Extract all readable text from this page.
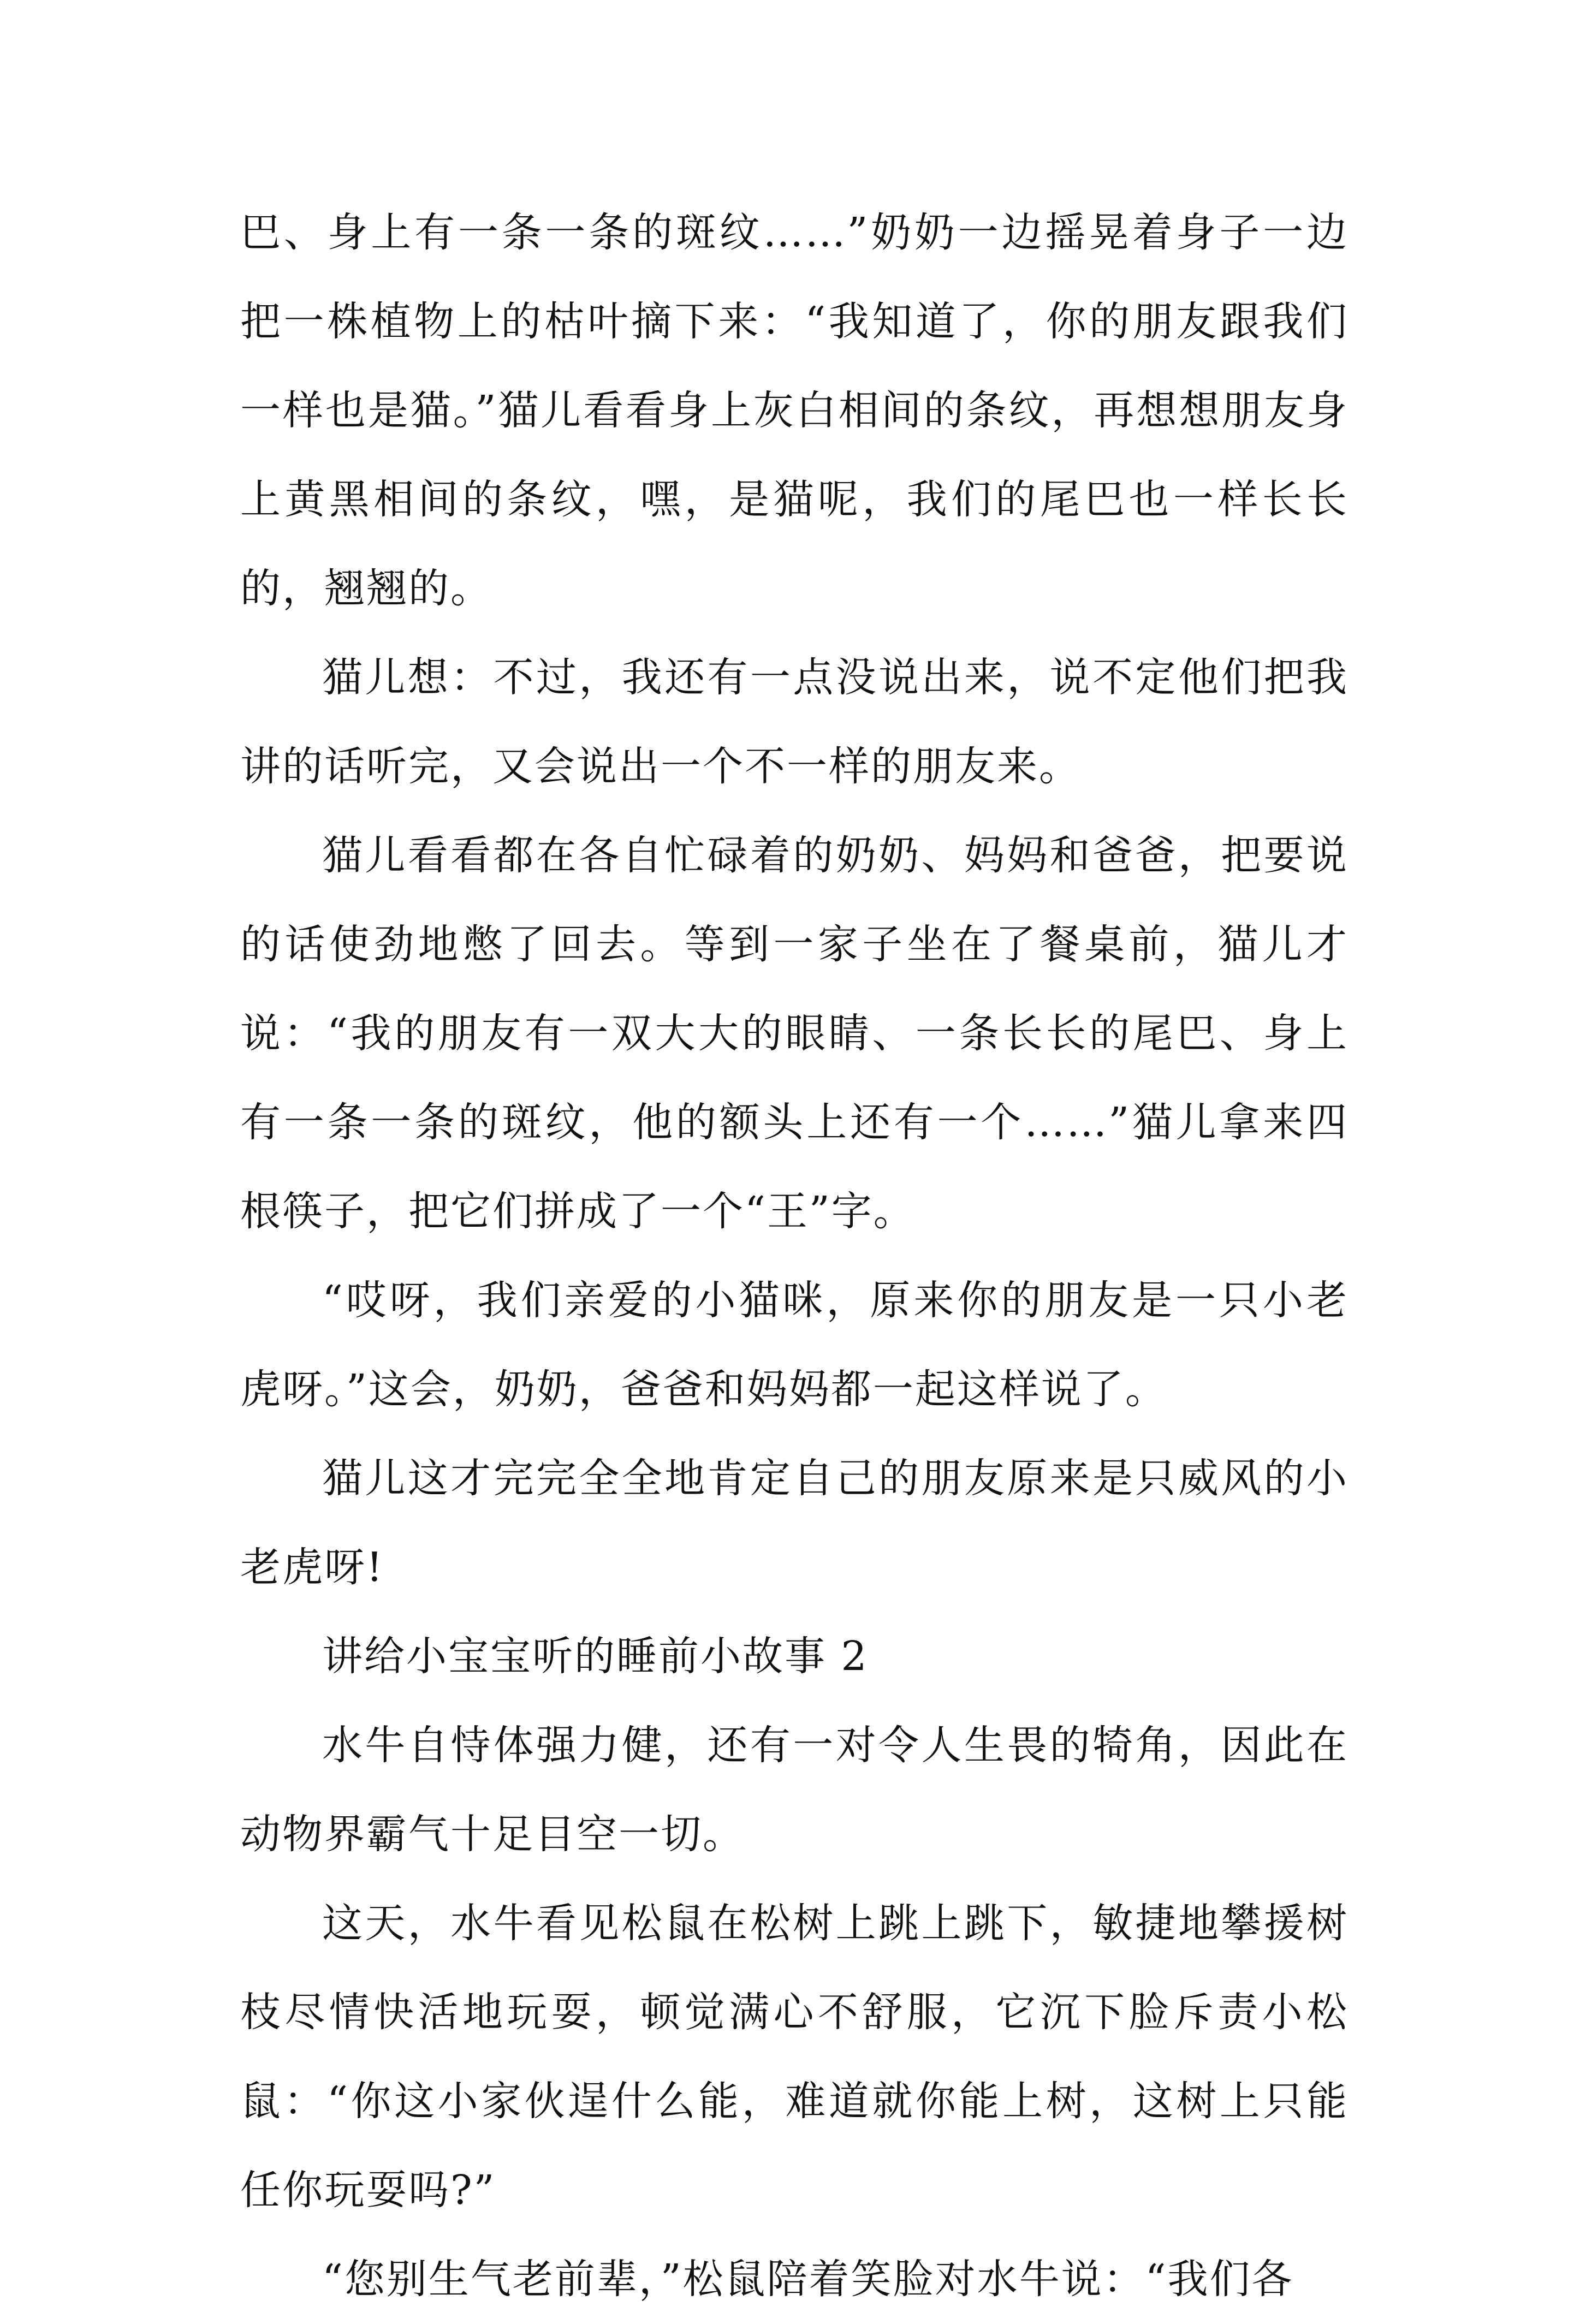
巴、身上有一条一条的斑纹……”奶奶一边摇晃着身子一边把一株植物上的枯叶摘下来：“我知道了，你的朋友跟我们一样也是猫。”猫儿看看身上灰白相间的条纹，再想想朋友身上黄黑相间的条纹，嘿，是猫呢，我们的尾巴也一样长长的，翘翘的。

猫儿想：不过，我还有一点没说出来，说不定他们把我讲的话听完，又会说出一个不一样的朋友来。

猫儿看看都在各自忙碌着的奶奶、妈妈和爸爸，把要说的话使劲地憋了回去。等到一家子坐在了餐桌前，猫儿才说：“我的朋友有一双大大的眼睛、一条长长的尾巴、身上有一条一条的斑纹，他的额头上还有一个……”猫儿拿来四根筷子，把它们拼成了一个“王”字。

“哎呀，我们亲爱的小猫咪，原来你的朋友是一只小老虎呀。”这会，奶奶，爸爸和妈妈都一起这样说了。

猫儿这才完完全全地肯定自己的朋友原来是只威风的小老虎呀!

讲给小宝宝听的睡前小故事 2

水牛自恃体强力健，还有一对令人生畏的犄角，因此在动物界霸气十足目空一切。

这天，水牛看见松鼠在松树上跳上跳下，敏捷地攀援树枝尽情快活地玩耍，顿觉满心不舒服，它沉下脸斥责小松鼠：“你这小家伙逞什么能，难道就你能上树，这树上只能任你玩耍吗?”

“您别生气老前辈，”松鼠陪着笑脸对水牛说：“我们各
